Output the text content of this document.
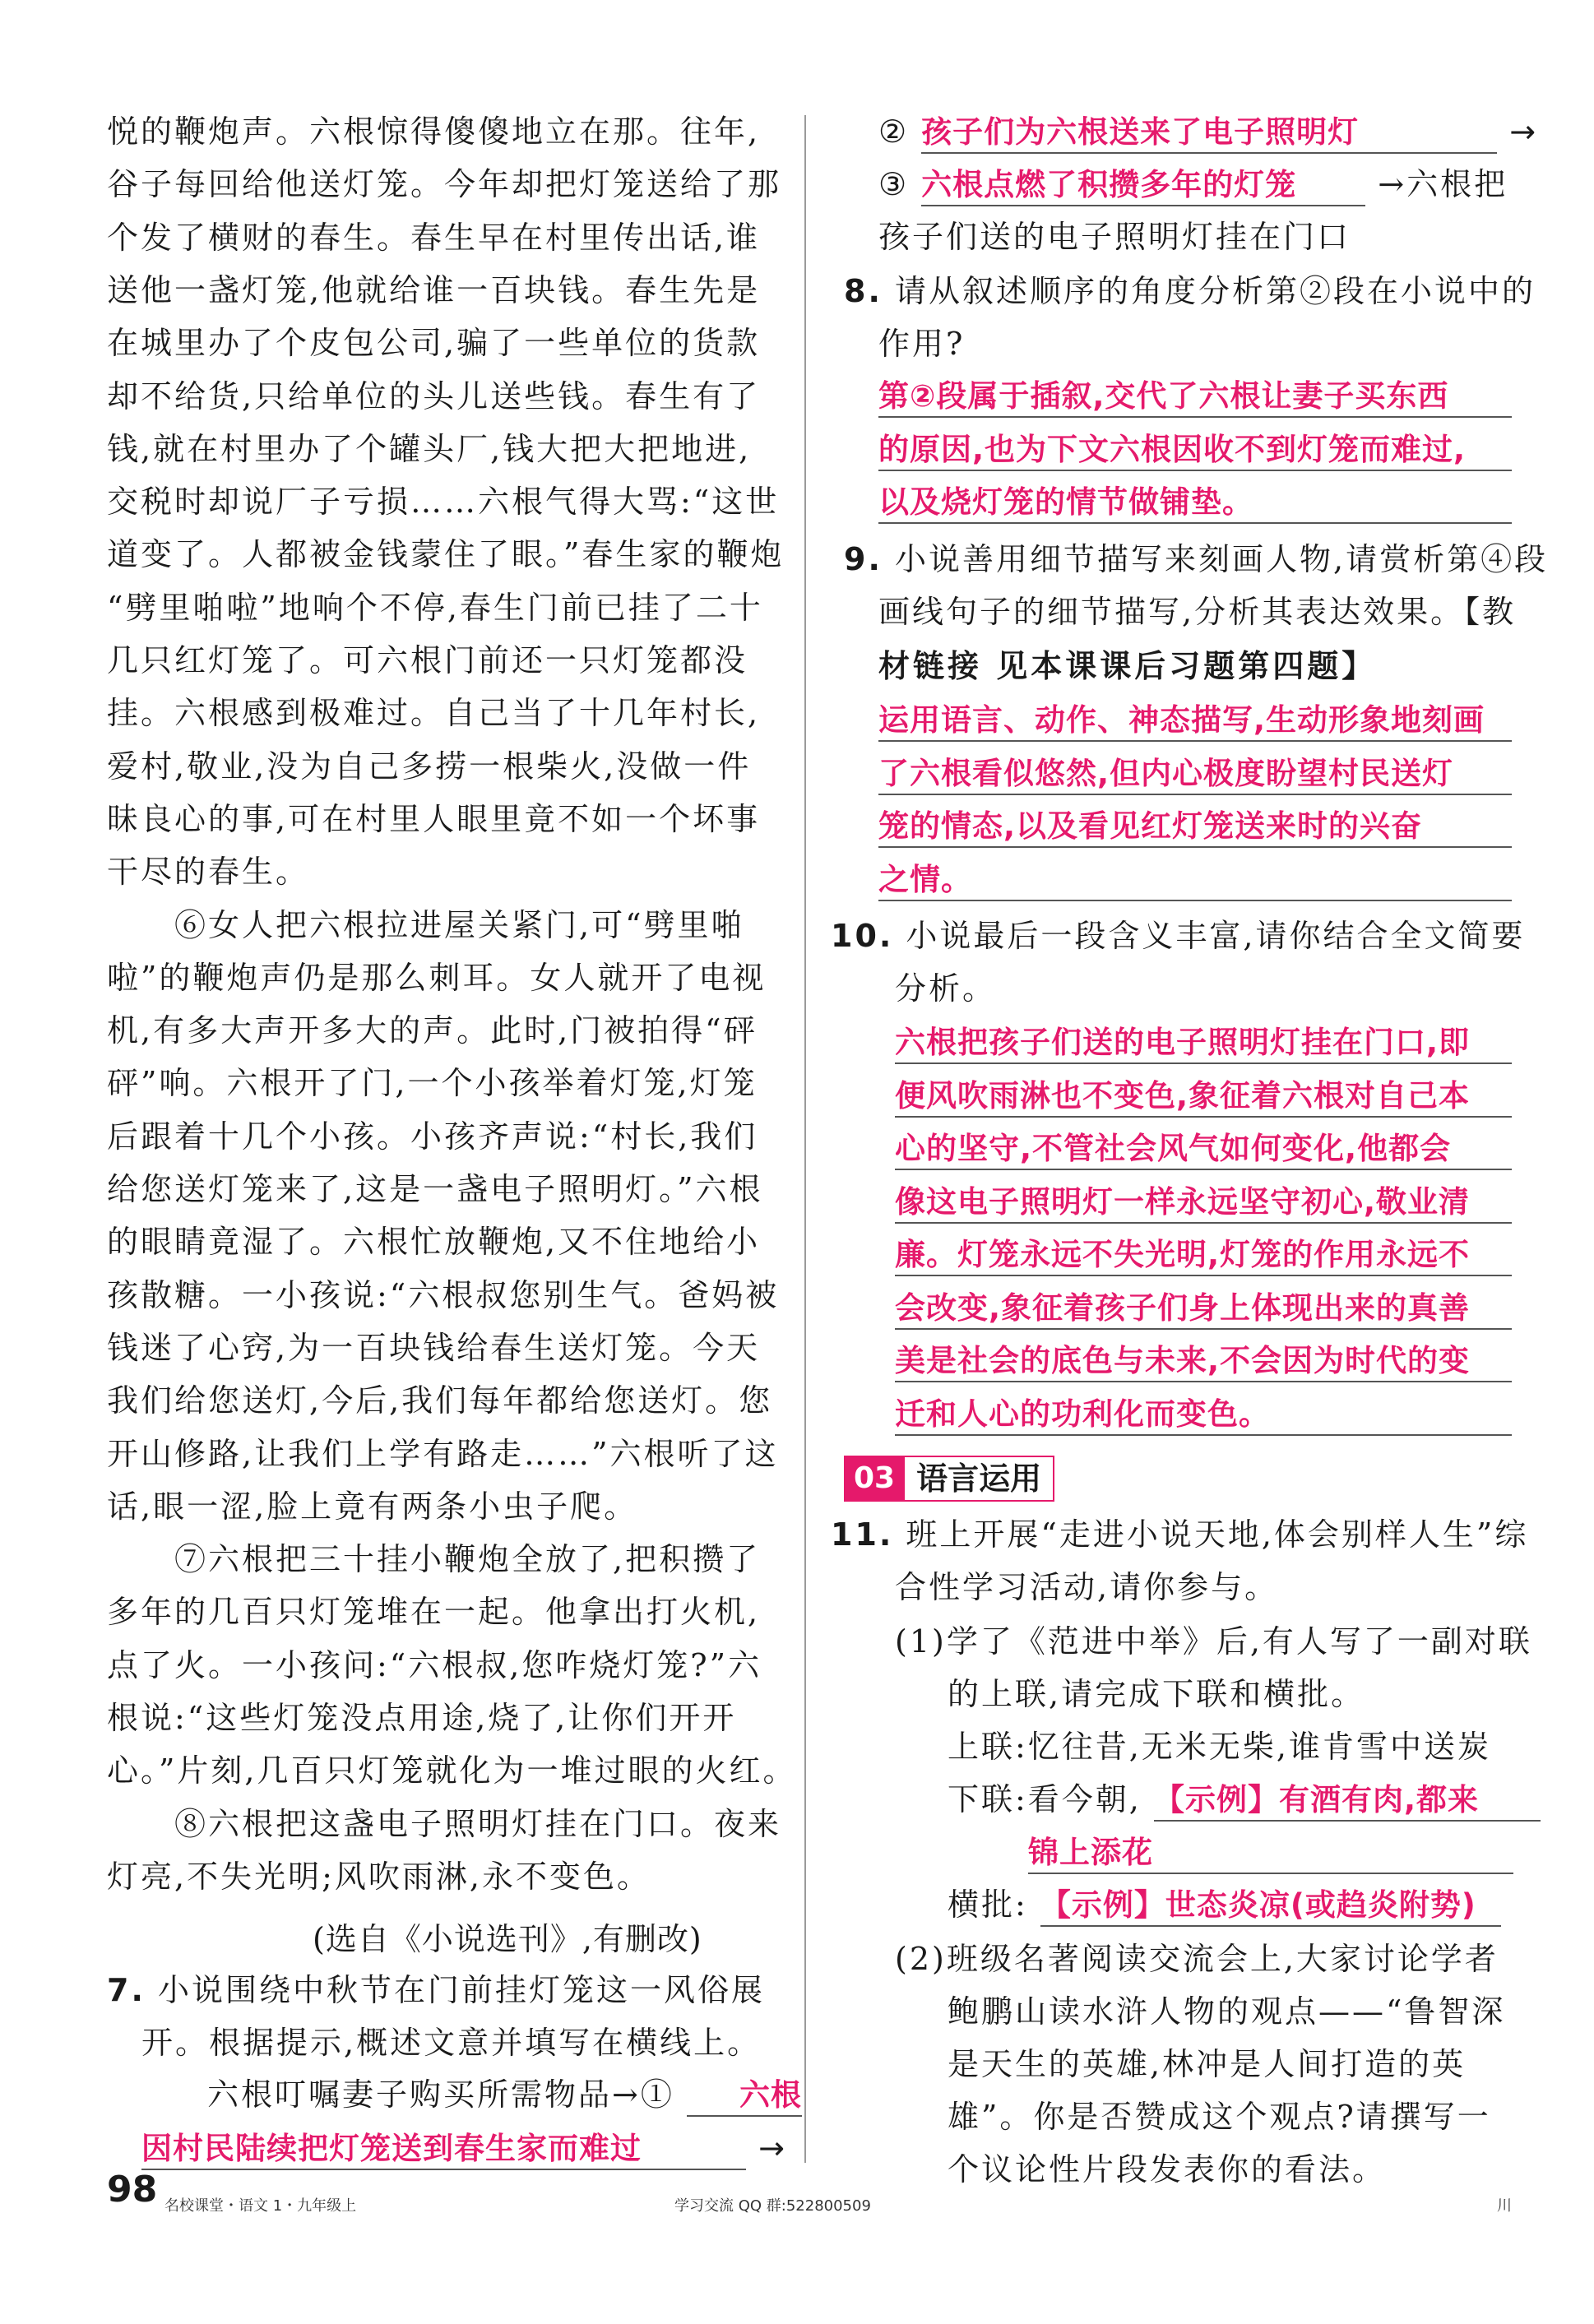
(选自《小说选刊》,有删改)
7. 小说围绕中秋节在门前挂灯笼这一风俗展
开。根据提示,概述文意并填写在横线上。
六根叮嘱妻子购买所需物品→① 六根
因村民陆续把灯笼送到春生家而难过	→
② 孩子们为六根送来了电子照明灯	→
③ 六根点燃了积攒多年的灯笼	→六根把
孩子们送的电子照明灯挂在门口
8. 请从叙述顺序的角度分析第②段在小说中的
作用?
第②段属于插叙,交代了六根让妻子买东西
的原因,也为下文六根因收不到灯笼而难过,
以及烧灯笼的情节做铺垫。
9. 小说善用细节描写来刻画人物,请赏析第④段
画线句子的细节描写,分析其表达效果。【教
材链接 见本课课后习题第四题】
运用语言、动作、神态描写,生动形象地刻画
了六根看似悠然,但内心极度盼望村民送灯
笼的情态,以及看见红灯笼送来时的兴奋
之情。
10. 小说最后一段含义丰富,请你结合全文简要
分析。
六根把孩子们送的电子照明灯挂在门口,即
便风吹雨淋也不变色,象征着六根对自己本
心的坚守,不管社会风气如何变化,他都会
像这电子照明灯一样永远坚守初心,敬业清
廉。灯笼永远不失光明,灯笼的作用永远不
会改变,象征着孩子们身上体现出来的真善
美是社会的底色与未来,不会因为时代的变
迁和人心的功利化而变色。
03 语言运用
11. 班上开展“走进小说天地,体会别样人生”综
合性学习活动,请你参与。
(1)学了《范进中举》后,有人写了一副对联
的上联,请完成下联和横批。
上联:忆往昔,无米无柴,谁肯雪中送炭
下联:看今朝, 【示例】有酒有肉,都来
锦上添花
横批: 【示例】世态炎凉(或趋炎附势)
(2)班级名著阅读交流会上,大家讨论学者
鲍鹏山读水浒人物的观点——“鲁智深
是天生的英雄,林冲是人间打造的英
雄”。你是否赞成这个观点?请撰写一
个议论性片段发表你的看法。
98 名校课堂・语文 1・九年级上	学习交流 QQ 群:522800509	川
悦的鞭炮声。六根惊得傻傻地立在那。往年,
谷子每回给他送灯笼。今年却把灯笼送给了那
个发了横财的春生。春生早在村里传出话,谁
送他一盏灯笼,他就给谁一百块钱。春生先是
在城里办了个皮包公司,骗了一些单位的货款
却不给货,只给单位的头儿送些钱。春生有了
钱,就在村里办了个罐头厂,钱大把大把地进,
交税时却说厂子亏损……六根气得大骂:“这世
道变了。人都被金钱蒙住了眼。”春生家的鞭炮
“劈里啪啦”地响个不停,春生门前已挂了二十
几只红灯笼了。可六根门前还一只灯笼都没
挂。六根感到极难过。自己当了十几年村长,
爱村,敬业,没为自己多捞一根柴火,没做一件
昧良心的事,可在村里人眼里竟不如一个坏事
干尽的春生。
⑥女人把六根拉进屋关紧门,可“劈里啪
啦”的鞭炮声仍是那么刺耳。女人就开了电视
机,有多大声开多大的声。此时,门被拍得“砰
砰”响。六根开了门,一个小孩举着灯笼,灯笼
后跟着十几个小孩。小孩齐声说:“村长,我们
给您送灯笼来了,这是一盏电子照明灯。”六根
的眼睛竟湿了。六根忙放鞭炮,又不住地给小
孩散糖。一小孩说:“六根叔您别生气。爸妈被
钱迷了心窍,为一百块钱给春生送灯笼。今天
我们给您送灯,今后,我们每年都给您送灯。您
开山修路,让我们上学有路走……”六根听了这
话,眼一涩,脸上竟有两条小虫子爬。
⑦六根把三十挂小鞭炮全放了,把积攒了
多年的几百只灯笼堆在一起。他拿出打火机,
点了火。一小孩问:“六根叔,您咋烧灯笼?”六
根说:“这些灯笼没点用途,烧了,让你们开开
心。”片刻,几百只灯笼就化为一堆过眼的火红。
⑧六根把这盏电子照明灯挂在门口。夜来
灯亮,不失光明;风吹雨淋,永不变色。
